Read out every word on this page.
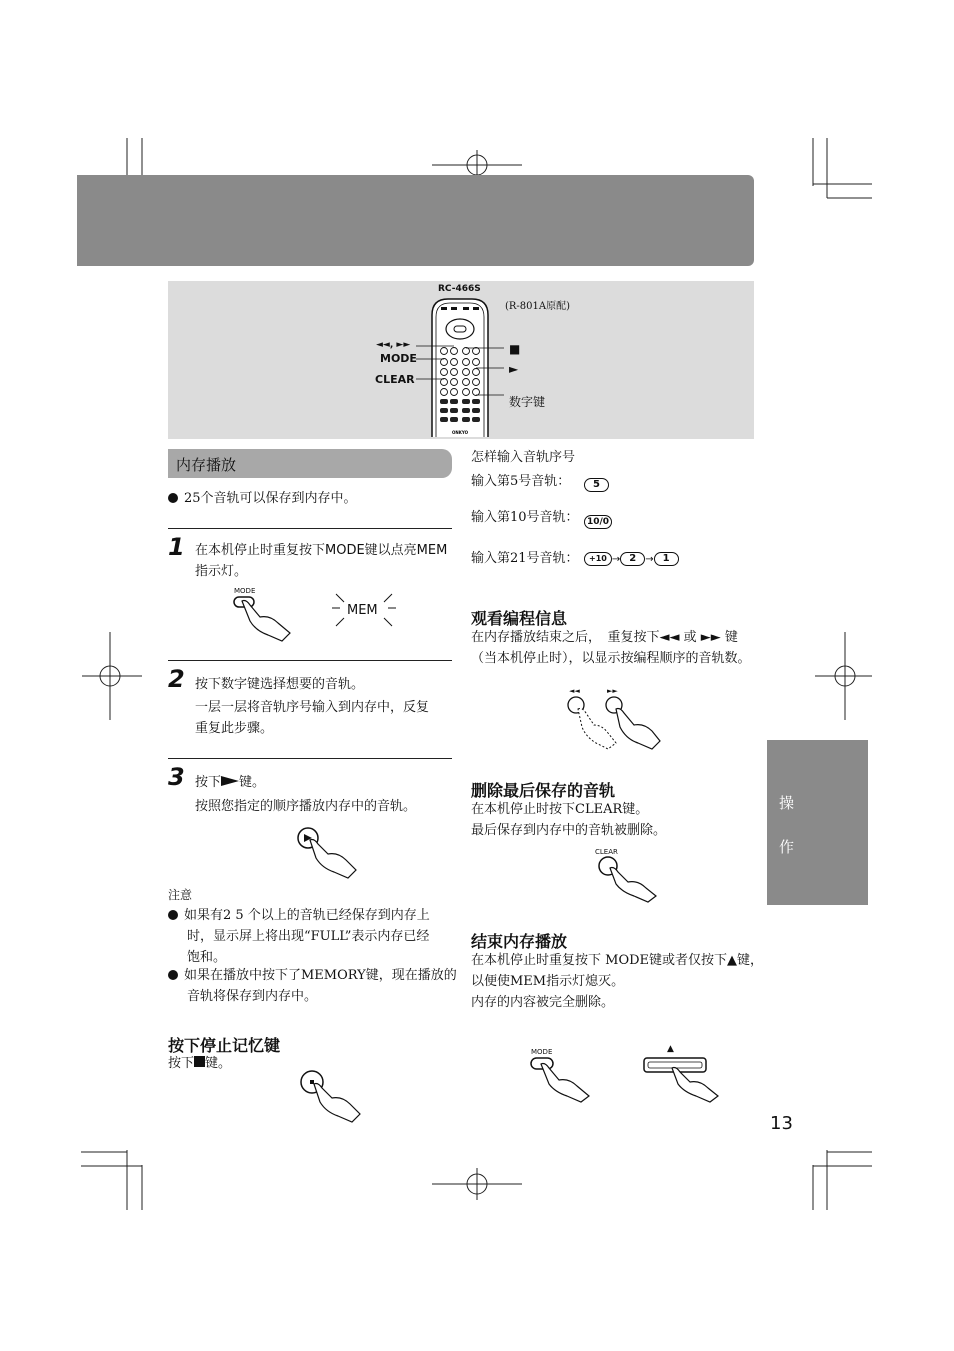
RC-466S
(R-801A原配)
ONKYO
◄◄, ►►
MODE
CLEAR
■
►
数字键
操
作
内存播放
25个音轨可以保存到内存中。
1 在本机停止时重复按下MODE键以点亮MEM
指示灯。
MODE
MEM
2 按下数字键选择想要的音轨。
一层一层将音轨序号输入到内存中，反复
重复此步骤。
3 按下 键。
按照您指定的顺序播放内存中的音轨。
注意
如果有2 5 个以上的音轨已经保存到内存上
时，显示屏上将出现“FULL”表示内存已经
饱和。
如果在播放中按下了MEMORY键，现在播放的
音轨将保存到内存中。
按下停止记忆键
按下 键。
怎样输入音轨序号
输入第5号音轨：	5
输入第10号音轨： 10/0
输入第21号音轨：	+10 → 2 → 1
观看编程信息
在内存播放结束之后，　重复按下◄◄ 或 ►► 键
（当本机停止时），以显示按编程顺序的音轨数。
◄◄	►►
删除最后保存的音轨
在本机停止时按下CLEAR键。
最后保存到内存中的音轨被删除。
CLEAR
结束内存播放
在本机停止时重复按下 MODE键或者仅按下▲键，
以便使MEM指示灯熄灭。
内存的内容被完全删除。
MODE	▲
13
